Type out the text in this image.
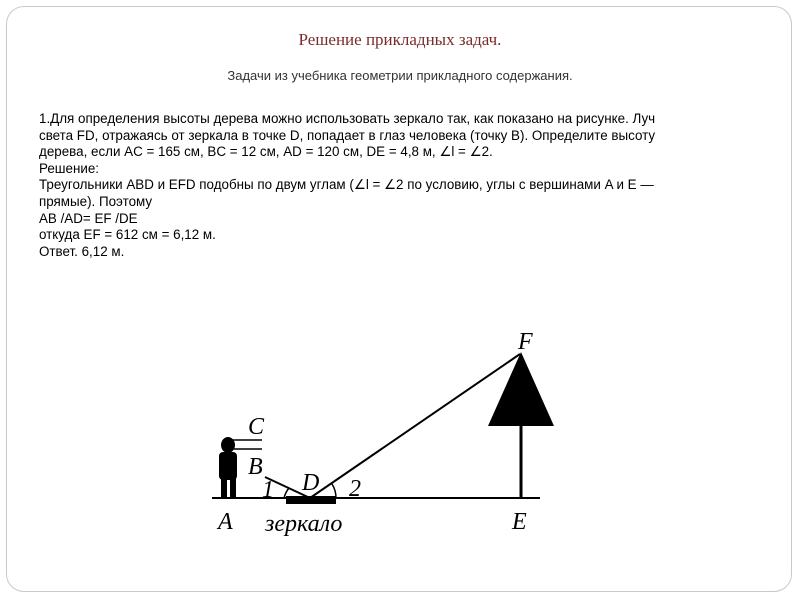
Решение прикладных задач.
Задачи из учебника геометрии прикладного содержания.
1.Для определения высоты дерева можно использовать зеркало так, как показано на рисунке. Луч
света FD, отражаясь от зеркала в точке D, попадает в глаз человека (точку B). Определите высоту
дерева, если AC = 165 см, BC = 12 см, AD = 120 см, DE = 4,8 м, ∠l = ∠2.
Решение:
Треугольники ABD и EFD подобны по двум углам (∠l = ∠2 по условию, углы с вершинами A и E —
прямые). Поэтому
AB /AD= EF /DE
откуда EF = 612 см = 6,12 м.
Ответ. 6,12 м.
F
C
B
D
1	2
A зеркало	E
